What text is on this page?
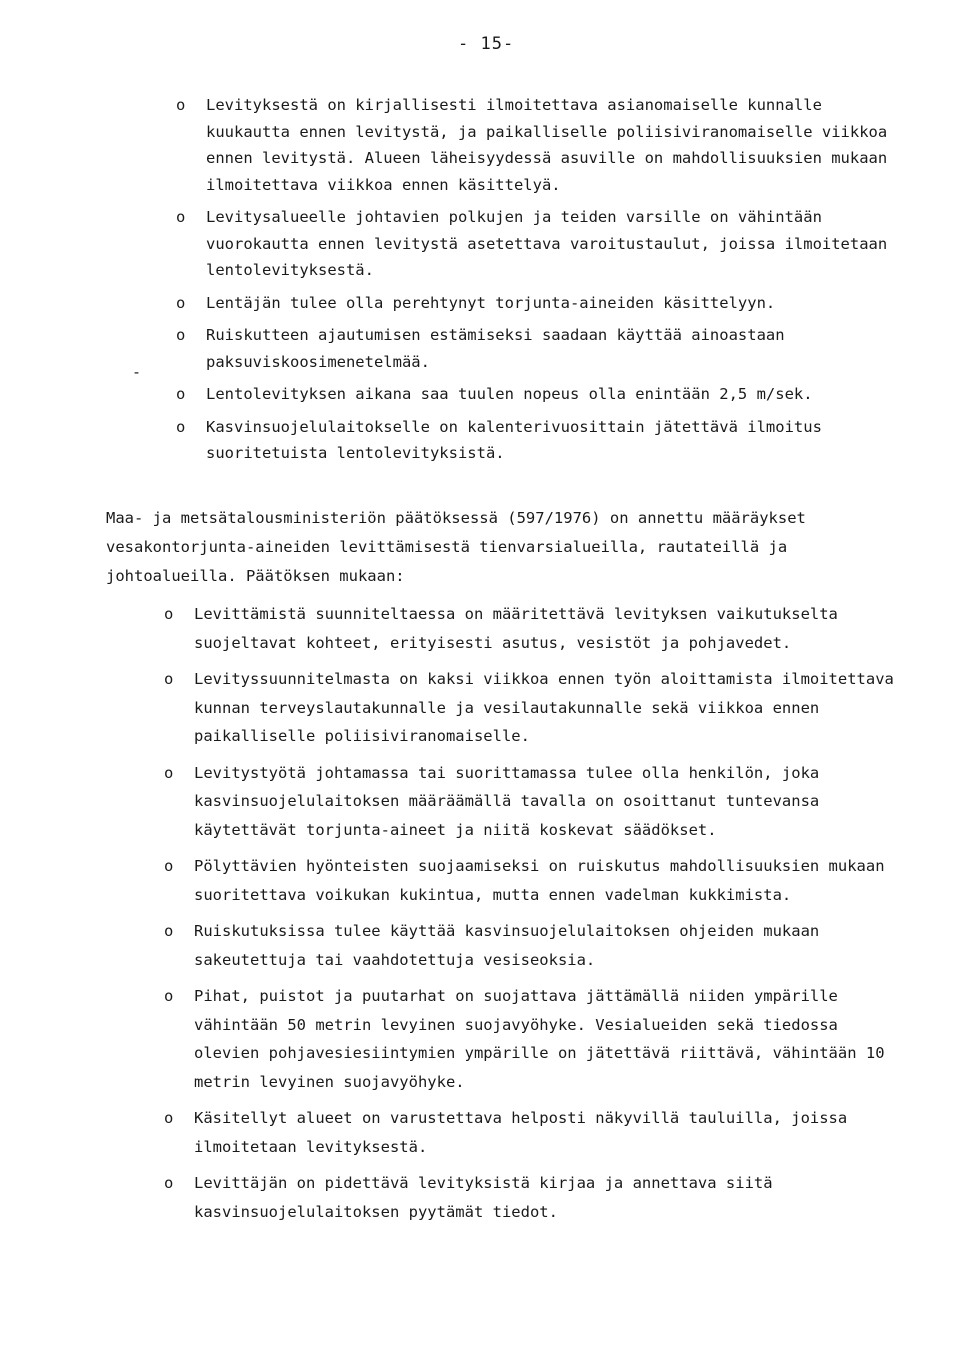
- 15-
-
o Levityksestä on kirjallisesti ilmoitettava asianomaiselle kunnalle kuukautta ennen levitystä, ja paikalliselle poliisiviranomaiselle viikkoa ennen levitystä. Alueen läheisyydessä asuville on mahdollisuuksien mukaan ilmoitettava viikkoa ennen käsittelyä.
o Levitysalueelle johtavien polkujen ja teiden varsille on vähintään vuorokautta ennen levitystä asetettava varoitustaulut, joissa ilmoitetaan lentolevityksestä.
o Lentäjän tulee olla perehtynyt torjunta-aineiden käsittelyyn.
o Ruiskutteen ajautumisen estämiseksi saadaan käyttää ainoastaan paksuviskoosimenetelmää.
o Lentolevityksen aikana saa tuulen nopeus olla enintään 2,5 m/sek.
o Kasvinsuojelulaitokselle on kalenterivuosittain jätettävä ilmoitus suoritetuista lentolevityksistä.

Maa- ja metsätalousministeriön päätöksessä (597/1976) on annettu määräykset vesakontorjunta-aineiden levittämisestä tienvarsialueilla, rautateillä ja johtoalueilla. Päätöksen mukaan:

o Levittämistä suunniteltaessa on määritettävä levityksen vaikutukselta suojeltavat kohteet, erityisesti asutus, vesistöt ja pohjavedet.
o Levityssuunnitelmasta on kaksi viikkoa ennen työn aloittamista ilmoitettava kunnan terveyslautakunnalle ja vesilautakunnalle sekä viikkoa ennen paikalliselle poliisiviranomaiselle.
o Levitystyötä johtamassa tai suorittamassa tulee olla henkilön, joka kasvinsuojelulaitoksen määräämällä tavalla on osoittanut tuntevansa käytettävät torjunta-aineet ja niitä koskevat säädökset.
o Pölyttävien hyönteisten suojaamiseksi on ruiskutus mahdollisuuksien mukaan suoritettava voikukan kukintua, mutta ennen vadelman kukkimista.
o Ruiskutuksissa tulee käyttää kasvinsuojelulaitoksen ohjeiden mukaan sakeutettuja tai vaahdotettuja vesiseoksia.
o Pihat, puistot ja puutarhat on suojattava jättämällä niiden ympärille vähintään 50 metrin levyinen suojavyöhyke. Vesialueiden sekä tiedossa olevien pohjavesiesiintymien ympärille on jätettävä riittävä, vähintään 10 metrin levyinen suojavyöhyke.
o Käsitellyt alueet on varustettava helposti näkyvillä tauluilla, joissa ilmoitetaan levityksestä.
o Levittäjän on pidettävä levityksistä kirjaa ja annettava siitä kasvinsuojelulaitoksen pyytämät tiedot.
